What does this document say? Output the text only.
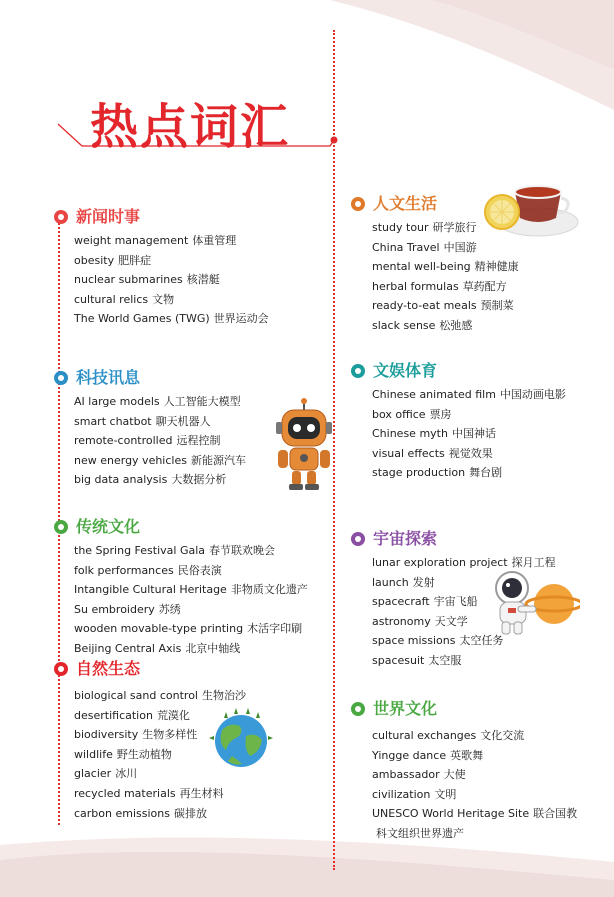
热点词汇
新闻时事
weight management 体重管理
obesity 肥胖症
nuclear submarines 核潜艇
cultural relics 文物
The World Games (TWG) 世界运动会
科技讯息
AI large models 人工智能大模型
smart chatbot 聊天机器人
remote-controlled 远程控制
new energy vehicles 新能源汽车
big data analysis 大数据分析
传统文化
the Spring Festival Gala 春节联欢晚会
folk performances 民俗表演
Intangible Cultural Heritage 非物质文化遗产
Su embroidery 苏绣
wooden movable-type printing 木活字印刷
Beijing Central Axis 北京中轴线
自然生态
biological sand control 生物治沙
desertification 荒漠化
biodiversity 生物多样性
wildlife 野生动植物
glacier 冰川
recycled materials 再生材料
carbon emissions 碳排放
人文生活
study tour 研学旅行
China Travel 中国游
mental well-being 精神健康
herbal formulas 草药配方
ready-to-eat meals 预制菜
slack sense 松弛感
文娱体育
Chinese animated film 中国动画电影
box office 票房
Chinese myth 中国神话
visual effects 视觉效果
stage production 舞台剧
宇宙探索
lunar exploration project 探月工程
launch 发射
spacecraft 宇宙飞船
astronomy 天文学
space missions 太空任务
spacesuit 太空服
世界文化
cultural exchanges 文化交流
Yingge dance 英歌舞
ambassador 大使
civilization 文明
UNESCO World Heritage Site 联合国教
科文组织世界遗产
